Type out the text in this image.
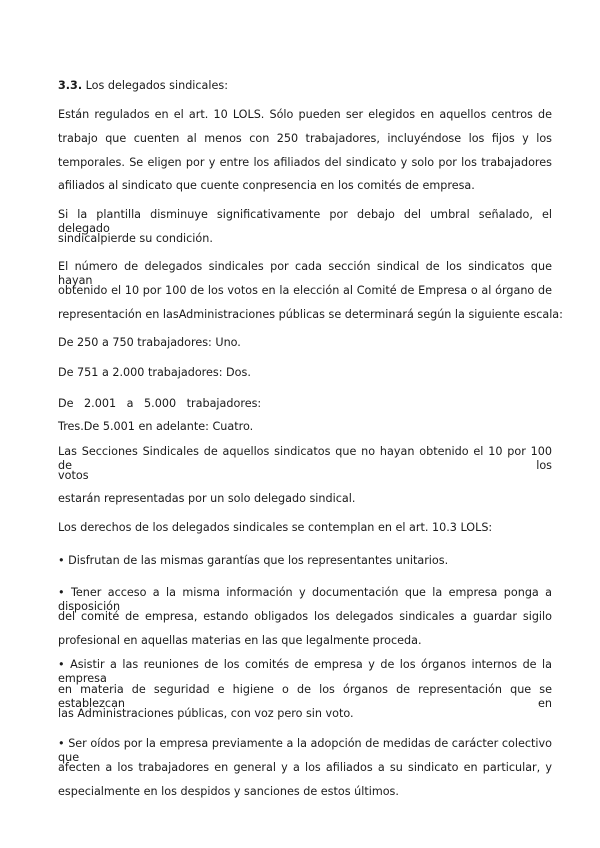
3.3. Los delegados sindicales:
Están regulados en el art. 10 LOLS. Sólo pueden ser elegidos en aquellos centros de
trabajo que cuenten al menos con 250 trabajadores, incluyéndose los fijos y los
temporales. Se eligen por y entre los afiliados del sindicato y solo por los trabajadores
afiliados al sindicato que cuente conpresencia en los comités de empresa.
Si la plantilla disminuye significativamente por debajo del umbral señalado, el delegado
sindicalpierde su condición.
El número de delegados sindicales por cada sección sindical de los sindicatos que hayan
obtenido el 10 por 100 de los votos en la elección al Comité de Empresa o al órgano de
representación en lasAdministraciones públicas se determinará según la siguiente escala:
De 250 a 750 trabajadores: Uno.
De 751 a 2.000 trabajadores: Dos.
De 2.001 a 5.000 trabajadores:
Tres.De 5.001 en adelante: Cuatro.
Las Secciones Sindicales de aquellos sindicatos que no hayan obtenido el 10 por 100 de los
votos
estarán representadas por un solo delegado sindical.
Los derechos de los delegados sindicales se contemplan en el art. 10.3 LOLS:
• Disfrutan de las mismas garantías que los representantes unitarios.
• Tener acceso a la misma información y documentación que la empresa ponga a disposición
del comité de empresa, estando obligados los delegados sindicales a guardar sigilo
profesional en aquellas materias en las que legalmente proceda.
• Asistir a las reuniones de los comités de empresa y de los órganos internos de la empresa
en materia de seguridad e higiene o de los órganos de representación que se establezcan en
las Administraciones públicas, con voz pero sin voto.
• Ser oídos por la empresa previamente a la adopción de medidas de carácter colectivo que
afecten a los trabajadores en general y a los afiliados a su sindicato en particular, y
especialmente en los despidos y sanciones de estos últimos.
